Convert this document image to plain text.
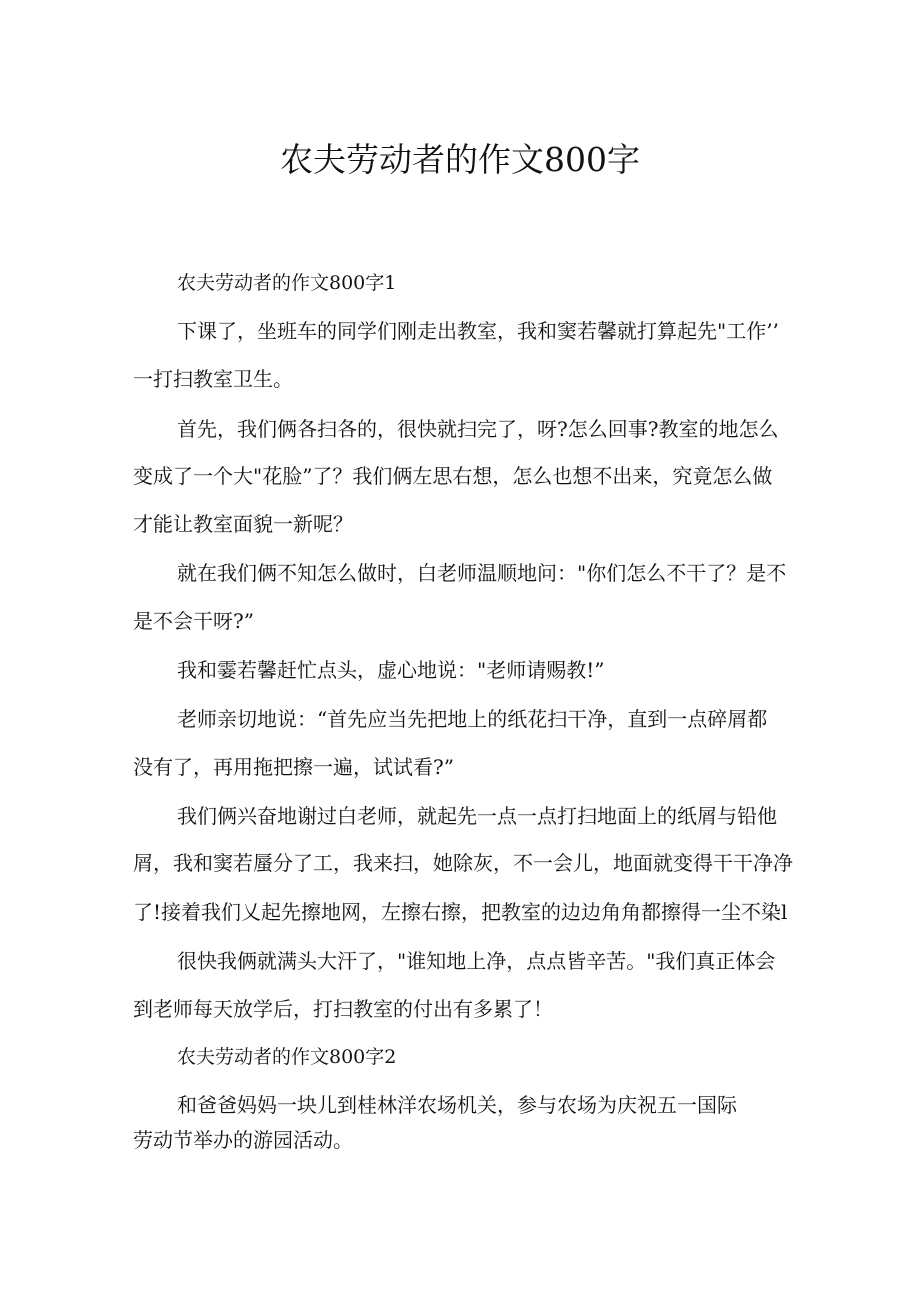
农夫劳动者的作文800字

农夫劳动者的作文800字1

下课了，坐班车的同学们刚走出教室，我和窦若馨就打算起先"工作’’

一打扫教室卫生。

首先，我们俩各扫各的，很快就扫完了，呀?怎么回事?教室的地怎么

变成了一个大"花脸”了？我们俩左思右想，怎么也想不出来，究竟怎么做

才能让教室面貌一新呢？

就在我们俩不知怎么做时，白老师温顺地问："你们怎么不干了？是不

是不会干呀?”

我和霎若馨赶忙点头，虚心地说："老师请赐教!”

老师亲切地说：“首先应当先把地上的纸花扫干净，直到一点碎屑都

没有了，再用拖把擦一遍，试试看?”

我们俩兴奋地谢过白老师，就起先一点一点打扫地面上的纸屑与铅他

屑，我和窦若蜃分了工，我来扫，她除灰，不一会儿，地面就变得干干净净

了!接着我们乂起先擦地网，左擦右擦，把教室的边边角角都擦得一尘不染l

很快我俩就满头大汗了，"谁知地上净，点点皆辛苦。"我们真正体会

到老师每天放学后，打扫教室的付出有多累了！

农夫劳动者的作文800字2

和爸爸妈妈一块儿到桂林洋农场机关，参与农场为庆祝五一国际

劳动节举办的游园活动。
